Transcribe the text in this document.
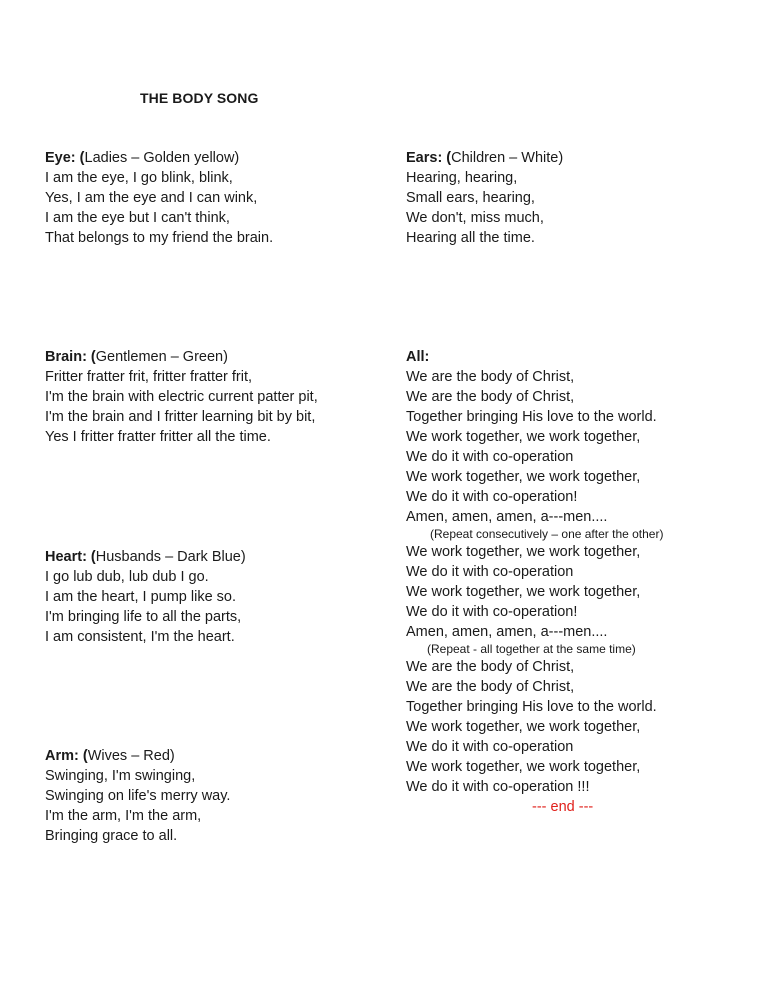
THE BODY SONG
Eye: (Ladies – Golden yellow)
I am the eye, I go blink, blink,
Yes, I am the eye and I can wink,
I am the eye but I can't think,
That belongs to my friend the brain.
Ears: (Children – White)
Hearing, hearing,
Small ears, hearing,
We don't, miss much,
Hearing all the time.
Brain: (Gentlemen – Green)
Fritter fratter frit, fritter fratter frit,
I'm the brain with electric current patter pit,
I'm the brain and I fritter learning bit by bit,
Yes I fritter fratter fritter all the time.
Heart: (Husbands – Dark Blue)
I go lub dub, lub dub I go.
I am the heart, I pump like so.
I'm bringing life to all the parts,
I am consistent, I'm the heart.
Arm: (Wives – Red)
Swinging, I'm swinging,
Swinging on life's merry way.
I'm the arm, I'm the arm,
Bringing grace to all.
All:
We are the body of Christ,
We are the body of Christ,
Together bringing His love to the world.
We work together, we work together,
We do it with co-operation
We work together, we work together,
We do it with co-operation!
Amen, amen, amen, a---men....
(Repeat consecutively – one after the other)
We work together, we work together,
We do it with co-operation
We work together, we work together,
We do it with co-operation!
Amen, amen, amen, a---men....
(Repeat - all together at the same time)
We are the body of Christ,
We are the body of Christ,
Together bringing His love to the world.
We work together, we work together,
We do it with co-operation
We work together, we work together,
We do it with co-operation !!!
--- end ---
